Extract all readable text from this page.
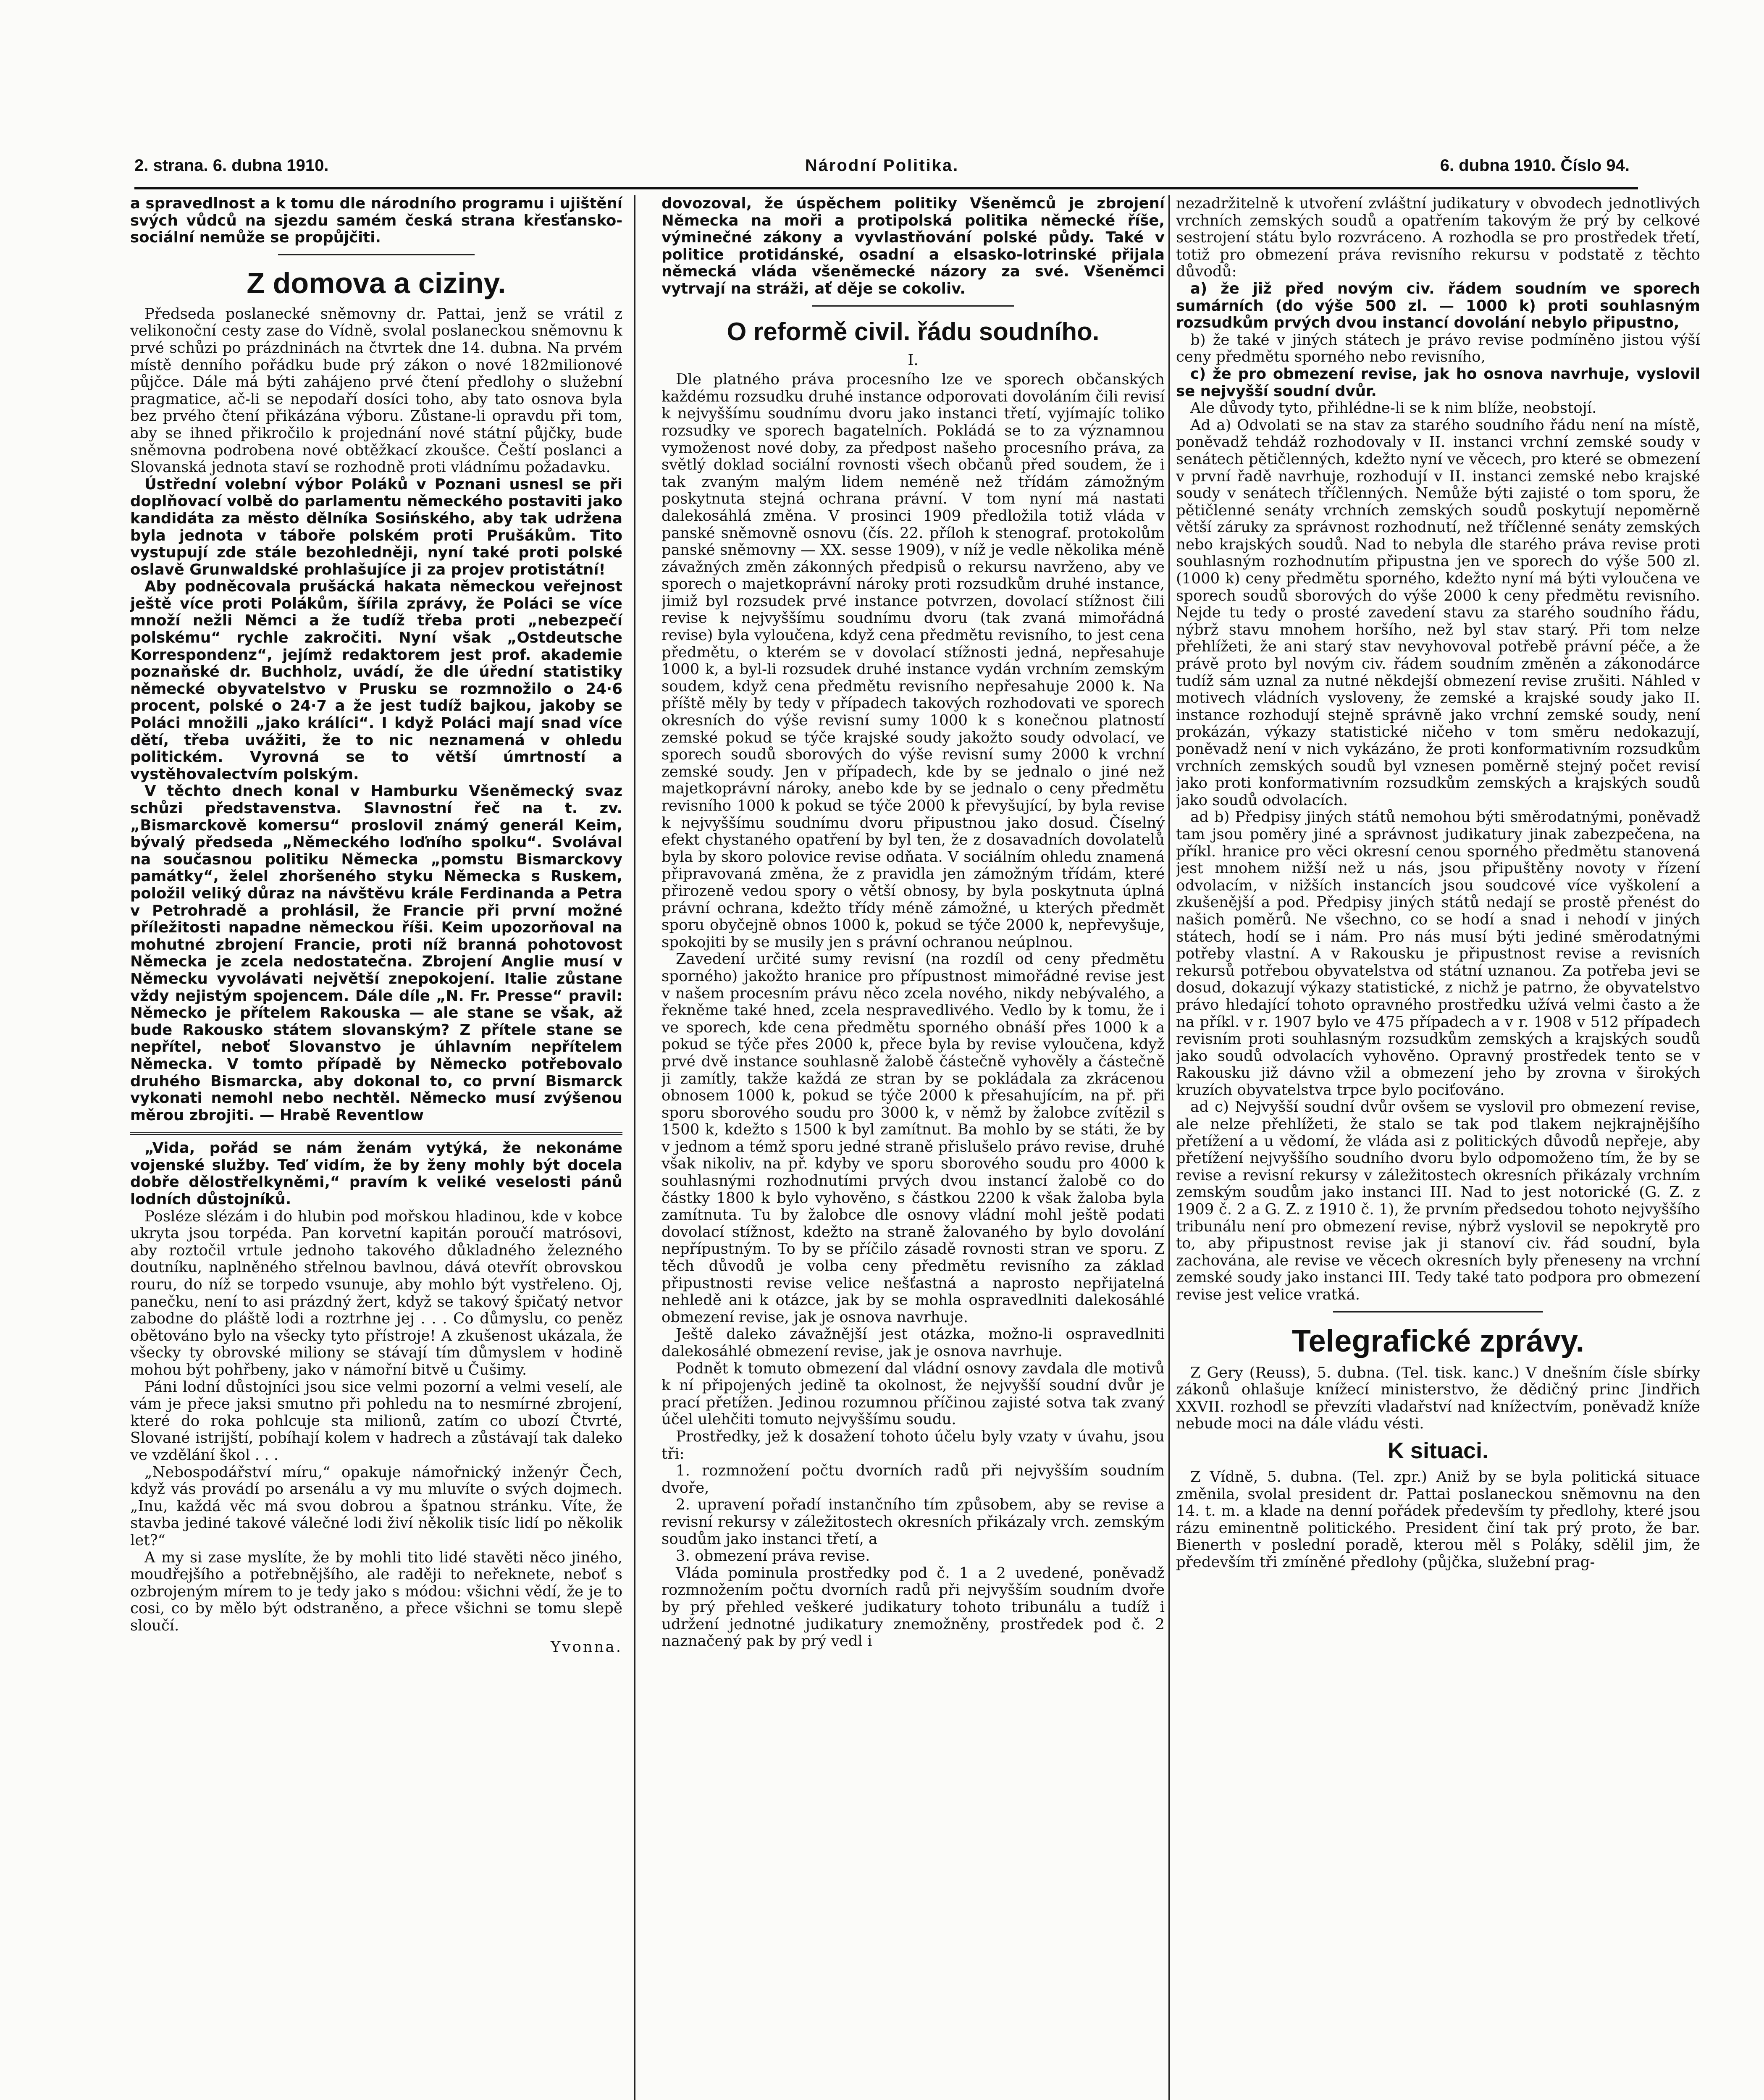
2. strana. 6. dubna 1910.	Národní Politika.	6. dubna 1910. Číslo 94.

a spravedlnost a k tomu dle národního programu i ujištění svých vůdců na sjezdu samém česká strana křesťansko-sociální nemůže se propůjčiti.

Z domova a ciziny.

Předseda poslanecké sněmovny dr. Pattai, jenž se vrátil z velikonoční cesty zase do Vídně, svolal poslaneckou sněmovnu k prvé schůzi po prázdninách na čtvrtek dne 14. dubna. Na prvém místě denního pořádku bude prý zákon o nové 182milionové půjčce. Dále má býti zahájeno prvé čtení předlohy o služební pragmatice, ač-li se nepodaří dosíci toho, aby tato osnova byla bez prvého čtení přikázána výboru. Zůstane-li opravdu při tom, aby se ihned přikročilo k projednání nové státní půjčky, bude sněmovna podrobena nové obtěžkací zkoušce. Čeští poslanci a Slovanská jednota staví se rozhodně proti vládnímu požadavku.

Ústřední volební výbor Poláků v Poznani usnesl se při doplňovací volbě do parlamentu německého postaviti jako kandidáta za město dělníka Sosińského, aby tak udržena byla jednota v táboře polském proti Prušákům. Tito vystupují zde stále bezohledněji, nyní také proti polské oslavě Grunwaldské prohlašujíce ji za projev protistátní!

Aby podněcovala prušácká hakata německou veřejnost ještě více proti Polákům, šířila zprávy, že Poláci se více množí nežli Němci a že tudíž třeba proti „nebezpečí polskému“ rychle zakročiti. Nyní však „Ostdeutsche Korrespondenz“, jejímž redaktorem jest prof. akademie poznaňské dr. Buchholz, uvádí, že dle úřední statistiky německé obyvatelstvo v Prusku se rozmnožilo o 24·6 procent, polské o 24·7 a že jest tudíž bajkou, jakoby se Poláci množili „jako králíci“. I když Poláci mají snad více dětí, třeba uvážiti, že to nic neznamená v ohledu politickém. Vyrovná se to větší úmrtností a vystěhovalectvím polským.

V těchto dnech konal v Hamburku Všeněmecký svaz schůzi představenstva. Slavnostní řeč na t. zv. „Bismarckově komersu“ proslovil známý generál Keim, bývalý předseda „Německého loďního spolku“. Svolával na současnou politiku Německa „pomstu Bismarckovy památky“, želel zhoršeného styku Německa s Ruskem, položil veliký důraz na návštěvu krále Ferdinanda a Petra v Petrohradě a prohlásil, že Francie při první možné příležitosti napadne německou říši. Keim upozorňoval na mohutné zbrojení Francie, proti níž branná pohotovost Německa je zcela nedostatečna. Zbrojení Anglie musí v Německu vyvolávati největší znepokojení. Italie zůstane vždy nejistým spojencem. Dále díle „N. Fr. Presse“ pravil: Německo je přítelem Rakouska — ale stane se však, až bude Rakousko státem slovanským? Z přítele stane se nepřítel, neboť Slovanstvo je úhlavním nepřítelem Německa. V tomto případě by Německo potřebovalo druhého Bismarcka, aby dokonal to, co první Bismarck vykonati nemohl nebo nechtěl. Německo musí zvýšenou měrou zbrojiti. — Hrabě Reventlow

„Vida, pořád se nám ženám vytýká, že nekonáme vojenské služby. Teď vidím, že by ženy mohly být docela dobře dělostřelkyněmi,“ pravím k veliké veselosti pánů lodních důstojníků.

Posléze slézám i do hlubin pod mořskou hladinou, kde v kobce ukryta jsou torpéda. Pan korvetní kapitán poroučí matrósovi, aby roztočil vrtule jednoho takového důkladného železného doutníku, naplněného střelnou bavlnou, dává otevřít obrovskou rouru, do níž se torpedo vsunuje, aby mohlo být vystřeleno. Oj, panečku, není to asi prázdný žert, když se takový špičatý netvor zabodne do pláště lodi a roztrhne jej . . . Co důmyslu, co peněz obětováno bylo na všecky tyto přístroje! A zkušenost ukázala, že všecky ty obrovské miliony se stávají tím důmyslem v hodině mohou být pohřbeny, jako v námořní bitvě u Čušimy.

Páni lodní důstojníci jsou sice velmi pozorní a velmi veselí, ale vám je přece jaksi smutno při pohledu na to nesmírné zbrojení, které do roka pohlcuje sta milionů, zatím co ubozí Čtvrté, Slované istrijští, pobíhají kolem v hadrech a zůstávají tak daleko ve vzdělání škol . . .

„Nebospodářství míru,“ opakuje námořnický inženýr Čech, když vás provádí po arsenálu a vy mu mluvíte o svých dojmech. „Inu, každá věc má svou dobrou a špatnou stránku. Víte, že stavba jediné takové válečné lodi živí několik tisíc lidí po několik let?“

A my si zase myslíte, že by mohli tito lidé stavěti něco jiného, moudřejšího a potřebnějšího, ale raději to neřeknete, neboť s ozbrojeným mírem to je tedy jako s módou: všichni vědí, že je to cosi, co by mělo být odstraněno, a přece všichni se tomu slepě sloučí.

Yvonna.

dovozoval, že úspěchem politiky Všeněmců je zbrojení Německa na moři a protipolská politika německé říše, výminečné zákony a vyvlastňování polské půdy. Také v politice protidánské, osadní a elsasko-lotrinské přijala německá vláda všeněmecké názory za své. Všeněmci vytrvají na stráži, ať děje se cokoliv.

O reformě civil. řádu soudního.

I.

Dle platného práva procesního lze ve sporech občanských každému rozsudku druhé instance odporovati dovoláním čili revisí k nejvyššímu soudnímu dvoru jako instanci třetí, vyjímajíc toliko rozsudky ve sporech bagatelních. Pokládá se to za významnou vymoženost nové doby, za předpost našeho procesního práva, za světlý doklad sociální rovnosti všech občanů před soudem, že i tak zvaným malým lidem neméně než třídám zámožným poskytnuta stejná ochrana právní. V tom nyní má nastati dalekosáhlá změna. V prosinci 1909 předložila totiž vláda v panské sněmovně osnovu (čís. 22. příloh k stenograf. protokolům panské sněmovny — XX. sesse 1909), v níž je vedle několika méně závažných změn zákonných předpisů o rekursu navrženo, aby ve sporech o majetkoprávní nároky proti rozsudkům druhé instance, jimiž byl rozsudek prvé instance potvrzen, dovolací stížnost čili revise k nejvyššímu soudnímu dvoru (tak zvaná mimořádná revise) byla vyloučena, když cena předmětu revisního, to jest cena předmětu, o kterém se v dovolací stížnosti jedná, nepřesahuje 1000 k, a byl-li rozsudek druhé instance vydán vrchním zemským soudem, když cena předmětu revisního nepřesahuje 2000 k. Na příště měly by tedy v případech takových rozhodovati ve sporech okresních do výše revisní sumy 1000 k s konečnou platností zemské pokud se týče krajské soudy jakožto soudy odvolací, ve sporech soudů sborových do výše revisní sumy 2000 k vrchní zemské soudy. Jen v případech, kde by se jednalo o jiné než majetkoprávní nároky, anebo kde by se jednalo o ceny předmětu revisního 1000 k pokud se týče 2000 k převyšující, by byla revise k nejvyššímu soudnímu dvoru připustnou jako dosud. Číselný efekt chystaného opatření by byl ten, že z dosavadních dovolatelů byla by skoro polovice revise odňata. V sociálním ohledu znamená připravovaná změna, že z pravidla jen zámožným třídám, které přirozeně vedou spory o větší obnosy, by byla poskytnuta úplná právní ochrana, kdežto třídy méně zámožné, u kterých předmět sporu obyčejně obnos 1000 k, pokud se týče 2000 k, nepřevyšuje, spokojiti by se musily jen s právní ochranou neúplnou.

Zavedení určité sumy revisní (na rozdíl od ceny předmětu sporného) jakožto hranice pro přípustnost mimořádné revise jest v našem procesním právu něco zcela nového, nikdy nebývalého, a řekněme také hned, zcela nespravedlivého. Vedlo by k tomu, že i ve sporech, kde cena předmětu sporného obnáší přes 1000 k a pokud se týče přes 2000 k, přece byla by revise vyloučena, když prvé dvě instance souhlasně žalobě částečně vyhověly a částečně ji zamítly, takže každá ze stran by se pokládala za zkrácenou obnosem 1000 k, pokud se týče 2000 k přesahujícím, na př. při sporu sborového soudu pro 3000 k, v němž by žalobce zvítězil s 1500 k, kdežto s 1500 k byl zamítnut. Ba mohlo by se státi, že by v jednom a témž sporu jedné straně přislušelo právo revise, druhé však nikoliv, na př. kdyby ve sporu sborového soudu pro 4000 k souhlasnými rozhodnutími prvých dvou instancí žalobě co do částky 1800 k bylo vyhověno, s částkou 2200 k však žaloba byla zamítnuta. Tu by žalobce dle osnovy vládní mohl ještě podati dovolací stížnost, kdežto na straně žalovaného by bylo dovolání nepřípustným. To by se příčilo zásadě rovnosti stran ve sporu. Z těch důvodů je volba ceny předmětu revisního za základ připustnosti revise velice nešťastná a naprosto nepřijatelná nehledě ani k otázce, jak by se mohla ospravedlniti dalekosáhlé obmezení revise, jak je osnova navrhuje.

Ještě daleko závažnější jest otázka, možno-li ospravedlniti dalekosáhlé obmezení revise, jak je osnova navrhuje.

Podnět k tomuto obmezení dal vládní osnovy zavdala dle motivů k ní připojených jedině ta okolnost, že nejvyšší soudní dvůr je prací přetížen. Jedinou rozumnou příčinou zajisté sotva tak zvaný účel ulehčiti tomuto nejvyššímu soudu.

Prostředky, jež k dosažení tohoto účelu byly vzaty v úvahu, jsou tři:

1. rozmnožení počtu dvorních radů při nejvyšším soudním dvoře,

2. upravení pořadí instančního tím způsobem, aby se revise a revisní rekursy v záležitostech okresních přikázaly vrch. zemským soudům jako instanci třetí, a

3. obmezení práva revise.

Vláda pominula prostředky pod č. 1 a 2 uvedené, poněvadž rozmnožením počtu dvorních radů při nejvyšším soudním dvoře by prý přehled veškeré judikatury tohoto tribunálu a tudíž i udržení jednotné judikatury znemožněny, prostředek pod č. 2 naznačený pak by prý vedl i

nezadržitelně k utvoření zvláštní judikatury v obvodech jednotlivých vrchních zemských soudů a opatřením takovým že prý by celkové sestrojení státu bylo rozvráceno. A rozhodla se pro prostředek třetí, totiž pro obmezení práva revisního rekursu v podstatě z těchto důvodů:

a) že již před novým civ. řádem soudním ve sporech sumárních (do výše 500 zl. — 1000 k) proti souhlasným rozsudkům prvých dvou instancí dovolání nebylo připustno,

b) že také v jiných státech je právo revise podmíněno jistou výší ceny předmětu sporného nebo revisního,

c) že pro obmezení revise, jak ho osnova navrhuje, vyslovil se nejvyšší soudní dvůr.

Ale důvody tyto, přihlédne-li se k nim blíže, neobstojí.

Ad a) Odvolati se na stav za starého soudního řádu není na místě, poněvadž tehdáž rozhodovaly v II. instanci vrchní zemské soudy v senátech pětičlenných, kdežto nyní ve věcech, pro které se obmezení v první řadě navrhuje, rozhodují v II. instanci zemské nebo krajské soudy v senátech tříčlenných. Nemůže býti zajisté o tom sporu, že pětičlenné senáty vrchních zemských soudů poskytují nepoměrně větší záruky za správnost rozhodnutí, než tříčlenné senáty zemských nebo krajských soudů. Nad to nebyla dle starého práva revise proti souhlasným rozhodnutím připustna jen ve sporech do výše 500 zl. (1000 k) ceny předmětu sporného, kdežto nyní má býti vyloučena ve sporech soudů sborových do výše 2000 k ceny předmětu revisního. Nejde tu tedy o prosté zavedení stavu za starého soudního řádu, nýbrž stavu mnohem horšího, než byl stav starý. Při tom nelze přehlížeti, že ani starý stav nevyhovoval potřebě právní péče, a že právě proto byl novým civ. řádem soudním změněn a zákonodárce tudíž sám uznal za nutné někdejší obmezení revise zrušiti. Náhled v motivech vládních vysloveny, že zemské a krajské soudy jako II. instance rozhodují stejně správně jako vrchní zemské soudy, není prokázán, výkazy statistické ničeho v tom směru nedokazují, poněvadž není v nich vykázáno, že proti konformativním rozsudkům vrchních zemských soudů byl vznesen poměrně stejný počet revisí jako proti konformativním rozsudkům zemských a krajských soudů jako soudů odvolacích.

ad b) Předpisy jiných států nemohou býti směrodatnými, poněvadž tam jsou poměry jiné a správnost judikatury jinak zabezpečena, na příkl. hranice pro věci okresní cenou sporného předmětu stanovená jest mnohem nižší než u nás, jsou připuštěny novoty v řízení odvolacím, v nižších instancích jsou soudcové více vyškolení a zkušenější a pod. Předpisy jiných států nedají se prostě přenést do našich poměrů. Ne všechno, co se hodí a snad i nehodí v jiných státech, hodí se i nám. Pro nás musí býti jediné směrodatnými potřeby vlastní. A v Rakousku je připustnost revise a revisních rekursů potřebou obyvatelstva od státní uznanou. Za potřeba jevi se dosud, dokazují výkazy statistické, z nichž je patrno, že obyvatelstvo právo hledající tohoto opravného prostředku užívá velmi často a že na příkl. v r. 1907 bylo ve 475 případech a v r. 1908 v 512 případech revisním proti souhlasným rozsudkům zemských a krajských soudů jako soudů odvolacích vyhověno. Opravný prostředek tento se v Rakousku již dávno vžil a obmezení jeho by zrovna v širokých kruzích obyvatelstva trpce bylo pociťováno.

ad c) Nejvyšší soudní dvůr ovšem se vyslovil pro obmezení revise, ale nelze přehlížeti, že stalo se tak pod tlakem nejkrajnějšího přetížení a u vědomí, že vláda asi z politických důvodů nepřeje, aby přetížení nejvyššího soudního dvoru bylo odpomoženo tím, že by se revise a revisní rekursy v záležitostech okresních přikázaly vrchním zemským soudům jako instanci III. Nad to jest notorické (G. Z. z 1909 č. 2 a G. Z. z 1910 č. 1), že prvním předsedou tohoto nejvyššího tribunálu není pro obmezení revise, nýbrž vyslovil se nepokrytě pro to, aby připustnost revise jak ji stanoví civ. řád soudní, byla zachována, ale revise ve věcech okresních byly přeneseny na vrchní zemské soudy jako instanci III. Tedy také tato podpora pro obmezení revise jest velice vratká.

Telegrafické zprávy.

Z Gery (Reuss), 5. dubna. (Tel. tisk. kanc.) V dnešním čísle sbírky zákonů ohlašuje knížecí ministerstvo, že dědičný princ Jindřich XXVII. rozhodl se převzíti vladařství nad knížectvím, poněvadž kníže nebude moci na dále vládu vésti.

K situaci.

Z Vídně, 5. dubna. (Tel. zpr.) Aniž by se byla politická situace změnila, svolal president dr. Pattai poslaneckou sněmovnu na den 14. t. m. a klade na denní pořádek především ty předlohy, které jsou rázu eminentně politického. President činí tak prý proto, že bar. Bienerth v poslední poradě, kterou měl s Poláky, sdělil jim, že především tři zmíněné předlohy (půjčka, služební prag-
